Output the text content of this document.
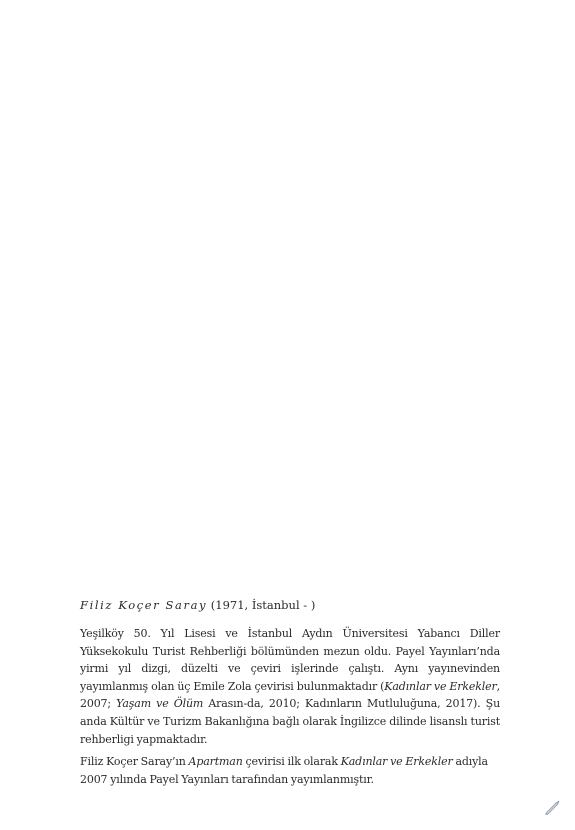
Filiz Koçer Saray (1971, İstanbul - )

Yeşilköy 50. Yıl Lisesi ve İstanbul Aydın Üniversitesi Yabancı Diller Yüksekokulu Turist Rehberliği bölümünden mezun oldu. Payel Yayınları’nda yirmi yıl dizgi, düzelti ve çeviri işlerinde çalıştı. Aynı yayınevinden yayımlanmış olan üç Emile Zola çevirisi bulunmaktadır (Kadınlar ve Erkekler, 2007; Yaşam ve Ölüm Arasın-da, 2010; Kadınların Mutluluğuna, 2017). Şu anda Kültür ve Turizm Bakanlığına bağlı olarak İngilizce dilinde lisanslı turist rehberligi yapmaktadır.

Filiz Koçer Saray’ın Apartman çevirisi ilk olarak Kadınlar ve Erkekler adıyla 2007 yılında Payel Yayınları tarafından yayımlanmıştır.
